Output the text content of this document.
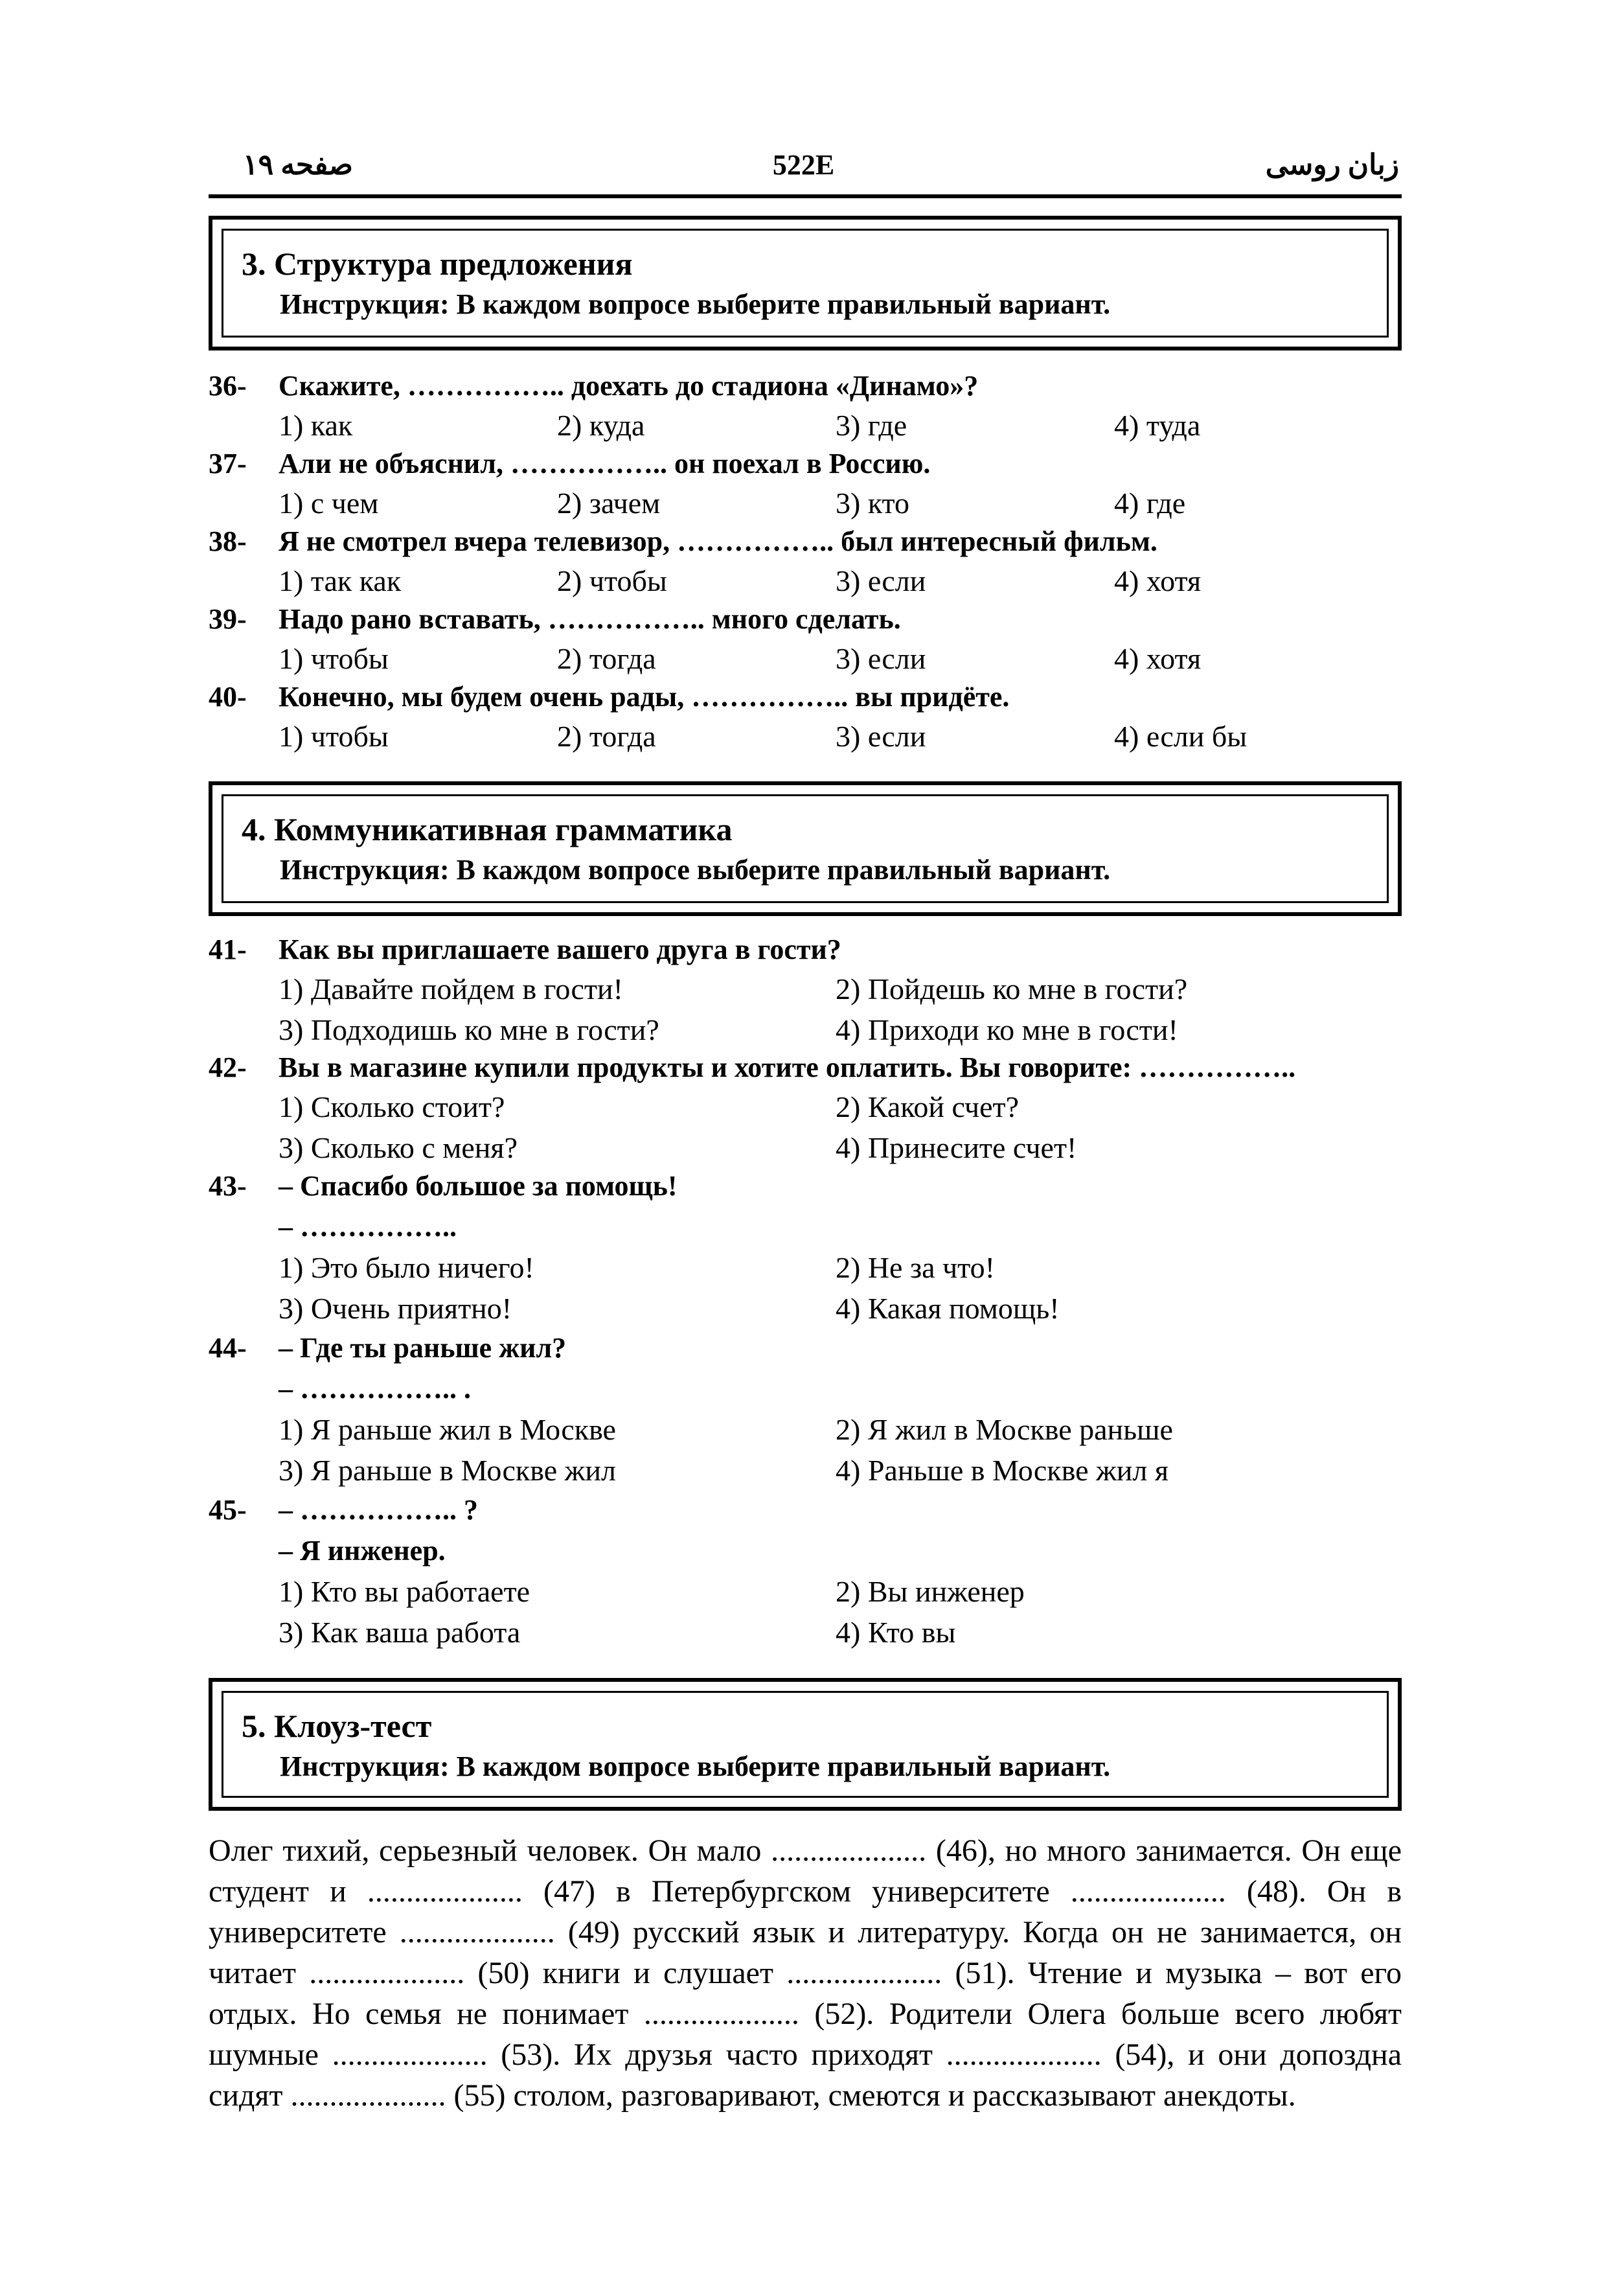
صفحه ۱۹	522E	زبان روسی
3. Структура предложения
Инструкция: В каждом вопросе выберите правильный вариант.
36- Скажите, …………….. доехать до стадиона «Динамо»?
1) как	2) куда	3) где	4) туда
37- Али не объяснил, …………….. он поехал в Россию.
1) с чем	2) зачем	3) кто	4) где
38- Я не смотрел вчера телевизор, …………….. был интересный фильм.
1) так как	2) чтобы	3) если	4) хотя
39- Надо рано вставать, …………….. много сделать.
1) чтобы	2) тогда	3) если	4) хотя
40- Конечно, мы будем очень рады, …………….. вы придёте.
1) чтобы	2) тогда	3) если	4) если бы
4. Коммуникативная грамматика
Инструкция: В каждом вопросе выберите правильный вариант.
41- Как вы приглашаете вашего друга в гости?
1) Давайте пойдем в гости!	2) Пойдешь ко мне в гости?
3) Подходишь ко мне в гости?	4) Приходи ко мне в гости!
42- Вы в магазине купили продукты и хотите оплатить. Вы говорите: ……………..
1) Сколько стоит?	2) Какой счет?
3) Сколько с меня?	4) Принесите счет!
43- – Спасибо большое за помощь!
– ……………..
1) Это было ничего!	2) Не за что!
3) Очень приятно!	4) Какая помощь!
44- – Где ты раньше жил?
– …………….. .
1) Я раньше жил в Москве	2) Я жил в Москве раньше
3) Я раньше в Москве жил	4) Раньше в Москве жил я
45- – …………….. ?
– Я инженер.
1) Кто вы работаете	2) Вы инженер
3) Как ваша работа	4) Кто вы
5. Клоуз-тест
Инструкция: В каждом вопросе выберите правильный вариант.
Олег тихий, серьезный человек. Он мало .................... (46), но много занимается. Он еще студент и .................... (47) в Петербургском университете .................... (48). Он в университете .................... (49) русский язык и литературу. Когда он не занимается, он читает .................... (50) книги и слушает .................... (51). Чтение и музыка – вот его отдых. Но семья не понимает .................... (52). Родители Олега больше всего любят шумные .................... (53). Их друзья часто приходят .................... (54), и они допоздна сидят .................... (55) столом, разговаривают, смеются и рассказывают анекдоты.
